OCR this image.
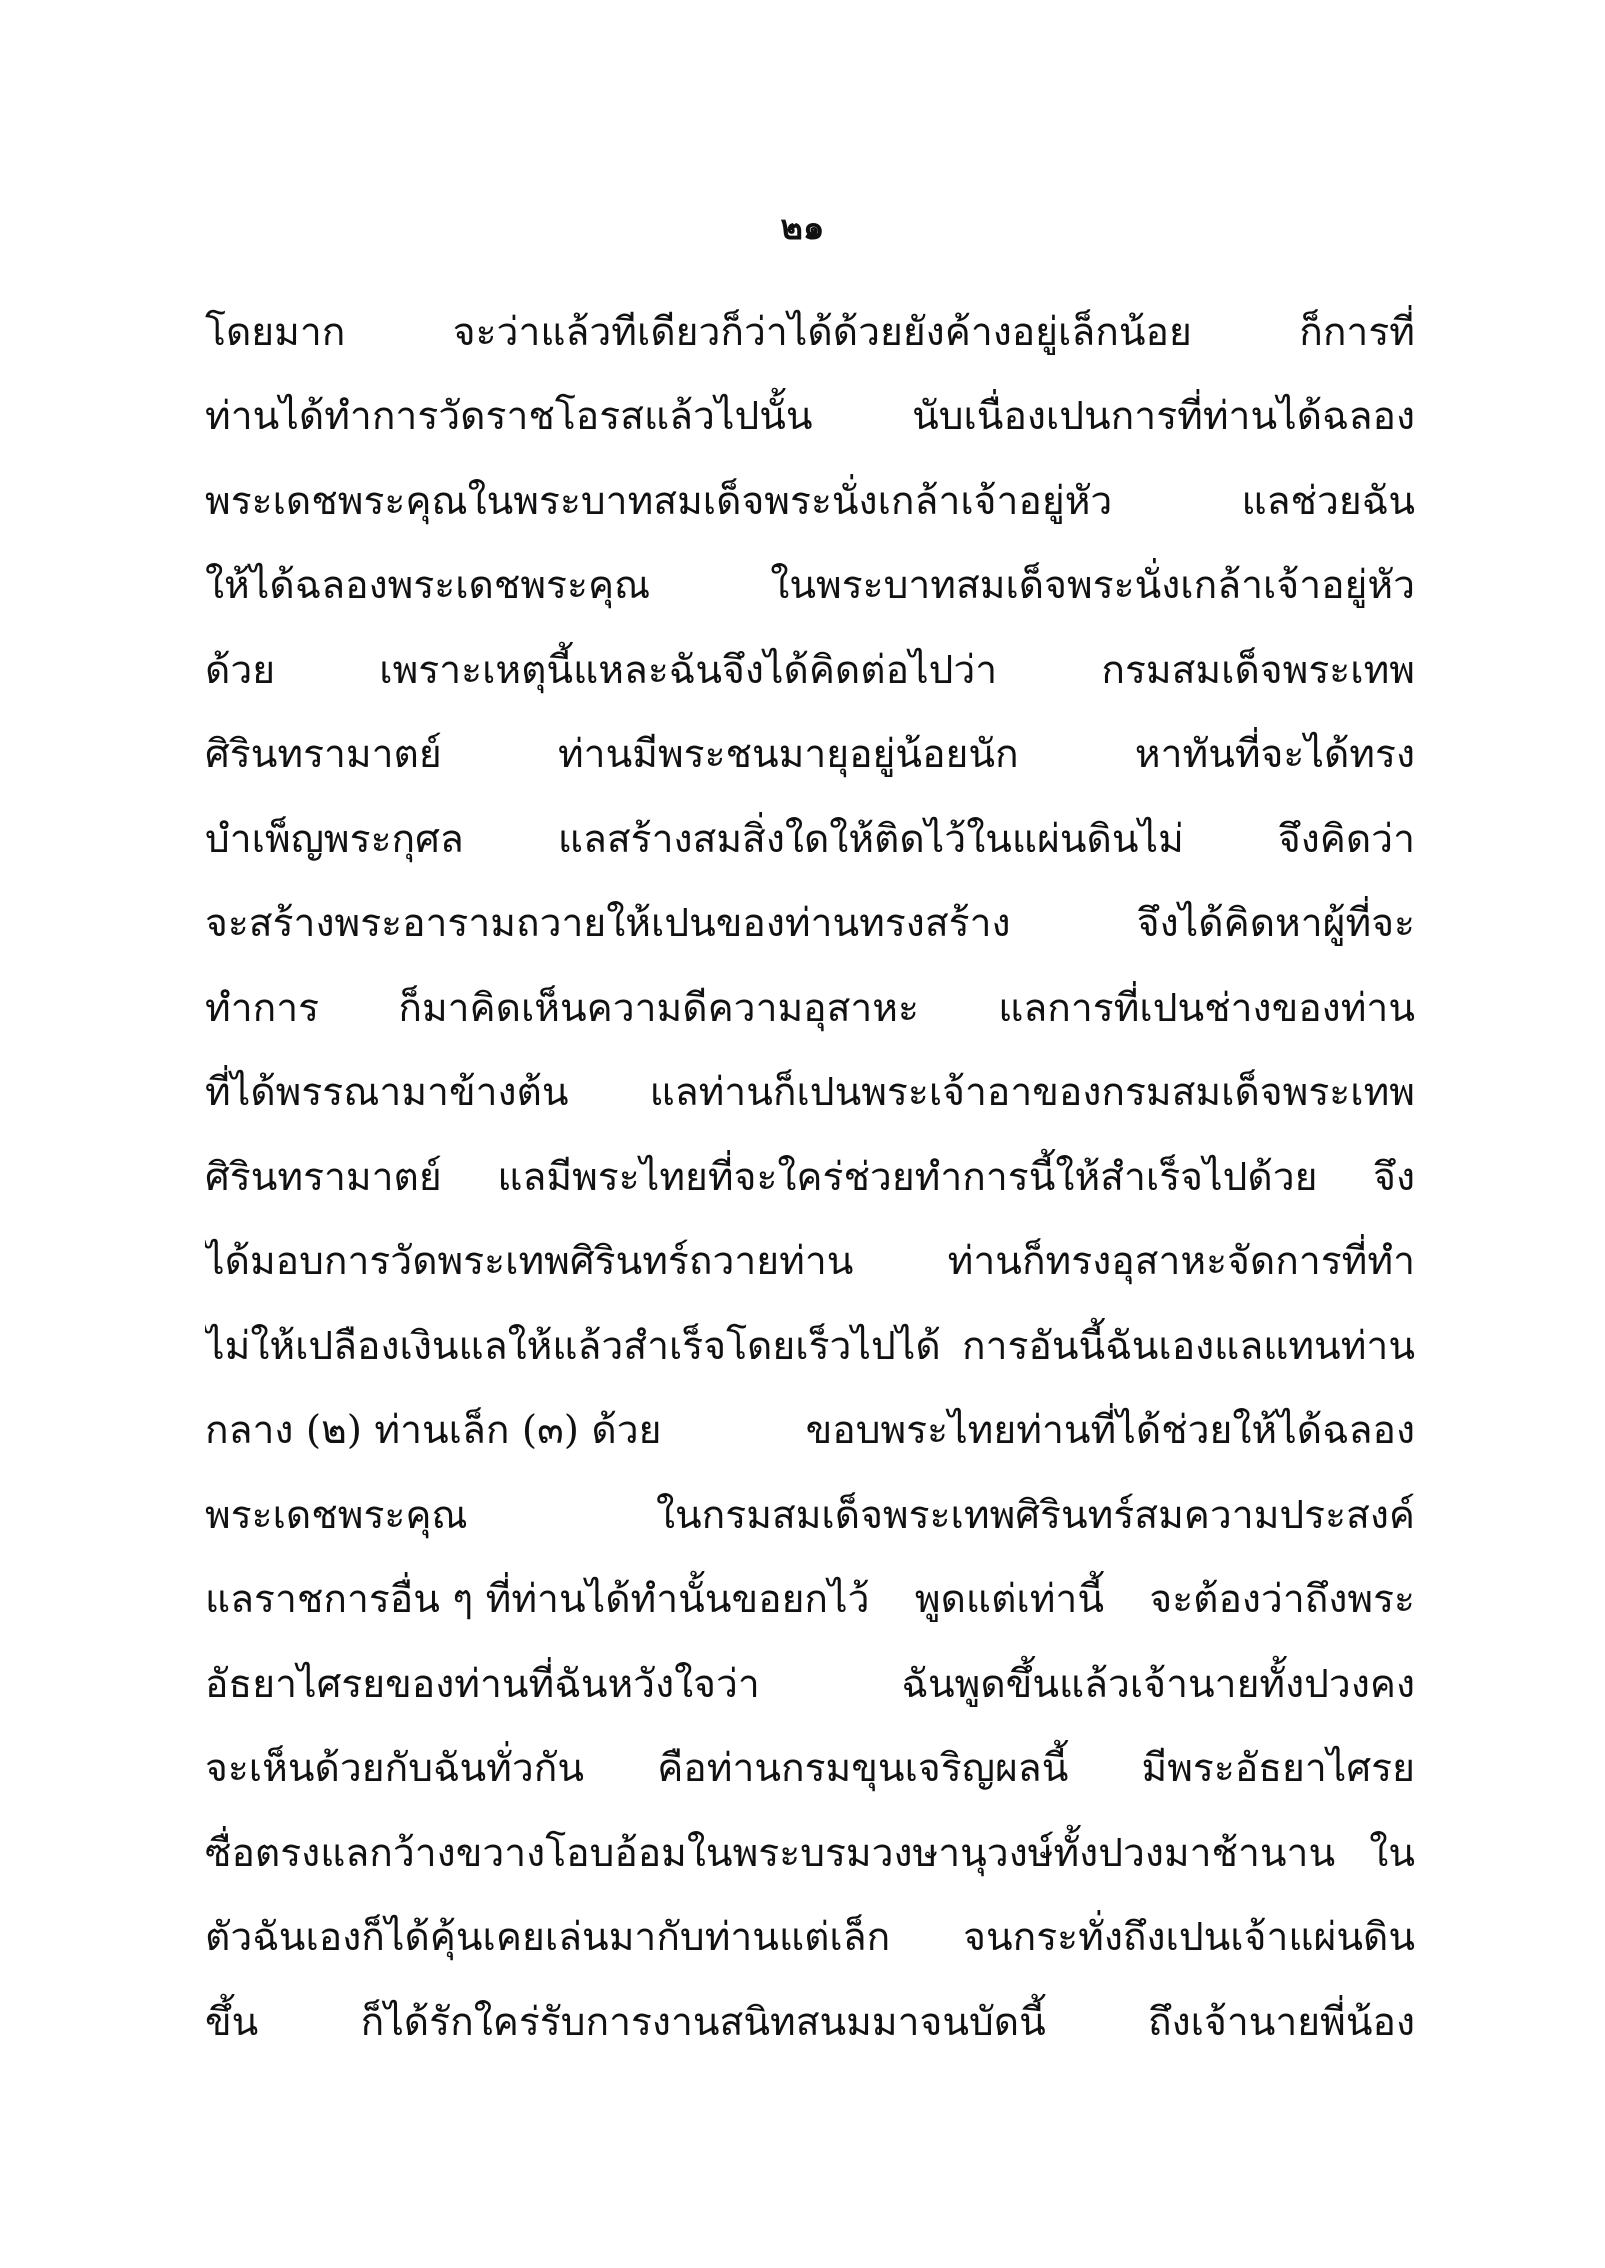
๒๑
โดยมาก	จะว่าแล้วทีเดียวก็ว่าได้ด้วยยังค้างอยู่เล็กน้อย	ก็การที่
ท่านได้ทำการวัดราชโอรสแล้วไปนั้น	นับเนื่องเปนการที่ท่านได้ฉลอง
พระเดชพระคุณในพระบาทสมเด็จพระนั่งเกล้าเจ้าอยู่หัว	แลช่วยฉัน
ให้ได้ฉลองพระเดชพระคุณ	ในพระบาทสมเด็จพระนั่งเกล้าเจ้าอยู่หัว
ด้วย	เพราะเหตุนี้แหละฉันจึงได้คิดต่อไปว่า	กรมสมเด็จพระเทพ
ศิรินทรามาตย์	ท่านมีพระชนมายุอยู่น้อยนัก	หาทันที่จะได้ทรง
บำเพ็ญพระกุศล แลสร้างสมสิ่งใดให้ติดไว้ในแผ่นดินไม่ จึงคิดว่า
จะสร้างพระอารามถวายให้เปนของท่านทรงสร้าง	จึงได้คิดหาผู้ที่จะ
ทำการ ก็มาคิดเห็นความดีความอุสาหะ แลการที่เปนช่างของท่าน
ที่ได้พรรณามาข้างต้น แลท่านก็เปนพระเจ้าอาของกรมสมเด็จพระเทพ
ศิรินทรามาตย์ แลมีพระไทยที่จะใคร่ช่วยทำการนี้ให้สำเร็จไปด้วย จึง
ได้มอบการวัดพระเทพศิรินทร์ถวายท่าน ท่านก็ทรงอุสาหะจัดการที่ทำ
ไม่ให้เปลืองเงินแลให้แล้วสำเร็จโดยเร็วไปได้ การอันนี้ฉันเองแลแทนท่าน
กลาง (๒) ท่านเล็ก (๓) ด้วย	ขอบพระไทยท่านที่ได้ช่วยให้ได้ฉลอง
พระเดชพระคุณ	ในกรมสมเด็จพระเทพศิรินทร์สมความประสงค์
แลราชการอื่น ๆ ที่ท่านได้ทำนั้นขอยกไว้ พูดแต่เท่านี้ จะต้องว่าถึงพระ
อัธยาไศรยของท่านที่ฉันหวังใจว่า	ฉันพูดขึ้นแล้วเจ้านายทั้งปวงคง
จะเห็นด้วยกับฉันทั่วกัน คือท่านกรมขุนเจริญผลนี้ มีพระอัธยาไศรย
ซื่อตรงแลกว้างขวางโอบอ้อมในพระบรมวงษานุวงษ์ทั้งปวงมาช้านาน ใน
ตัวฉันเองก็ได้คุ้นเคยเล่นมากับท่านแต่เล็ก จนกระทั่งถึงเปนเจ้าแผ่นดิน
ขึ้น	ก็ได้รักใคร่รับการงานสนิทสนมมาจนบัดนี้	ถึงเจ้านายพี่น้อง
